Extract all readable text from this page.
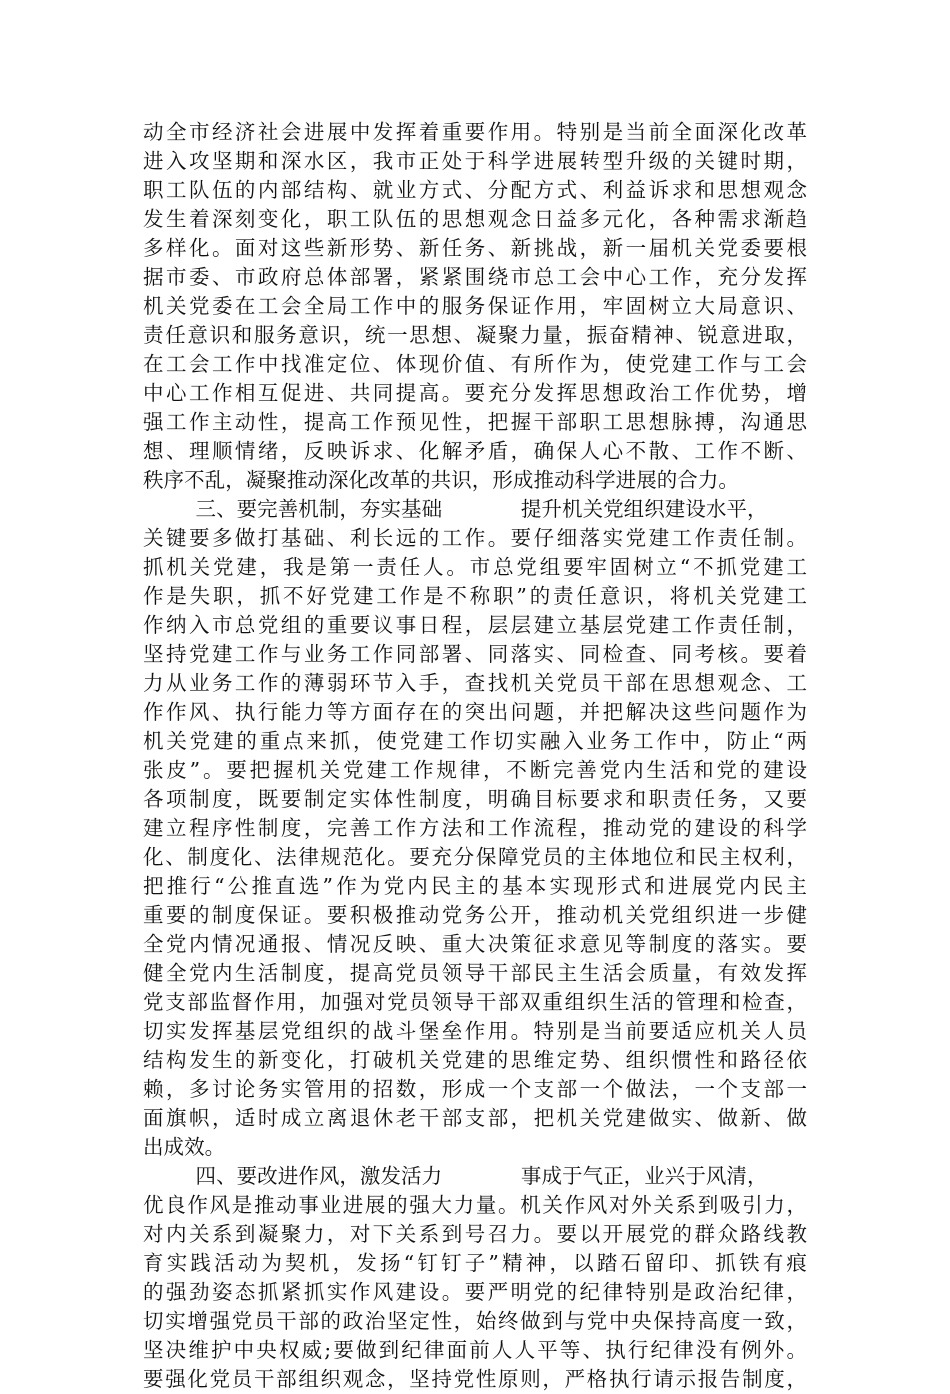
动全市经济社会进展中发挥着重要作用。特别是当前全面深化改革
进入攻坚期和深水区，我市正处于科学进展转型升级的关键时期，
职工队伍的内部结构、就业方式、分配方式、利益诉求和思想观念
发生着深刻变化，职工队伍的思想观念日益多元化，各种需求渐趋
多样化。面对这些新形势、新任务、新挑战，新一届机关党委要根
据市委、市政府总体部署，紧紧围绕市总工会中心工作，充分发挥
机关党委在工会全局工作中的服务保证作用，牢固树立大局意识、
责任意识和服务意识，统一思想、凝聚力量，振奋精神、锐意进取，
在工会工作中找准定位、体现价值、有所作为，使党建工作与工会
中心工作相互促进、共同提高。要充分发挥思想政治工作优势，增
强工作主动性，提高工作预见性，把握干部职工思想脉搏，沟通思
想、理顺情绪，反映诉求、化解矛盾，确保人心不散、工作不断、
秩序不乱，凝聚推动深化改革的共识，形成推动科学进展的合力。
三、要完善机制，夯实基础            提升机关党组织建设水平，
关键要多做打基础、利长远的工作。要仔细落实党建工作责任制。
抓机关党建，我是第一责任人。市总党组要牢固树立“不抓党建工
作是失职，抓不好党建工作是不称职”的责任意识，将机关党建工
作纳入市总党组的重要议事日程，层层建立基层党建工作责任制，
坚持党建工作与业务工作同部署、同落实、同检查、同考核。要着
力从业务工作的薄弱环节入手，查找机关党员干部在思想观念、工
作作风、执行能力等方面存在的突出问题，并把解决这些问题作为
机关党建的重点来抓，使党建工作切实融入业务工作中，防止“两
张皮”。要把握机关党建工作规律，不断完善党内生活和党的建设
各项制度，既要制定实体性制度，明确目标要求和职责任务，又要
建立程序性制度，完善工作方法和工作流程，推动党的建设的科学
化、制度化、法律规范化。要充分保障党员的主体地位和民主权利，
把推行“公推直选”作为党内民主的基本实现形式和进展党内民主
重要的制度保证。要积极推动党务公开，推动机关党组织进一步健
全党内情况通报、情况反映、重大决策征求意见等制度的落实。要
健全党内生活制度，提高党员领导干部民主生活会质量，有效发挥
党支部监督作用，加强对党员领导干部双重组织生活的管理和检查，
切实发挥基层党组织的战斗堡垒作用。特别是当前要适应机关人员
结构发生的新变化，打破机关党建的思维定势、组织惯性和路径依
赖，多讨论务实管用的招数，形成一个支部一个做法，一个支部一
面旗帜，适时成立离退休老干部支部，把机关党建做实、做新、做
出成效。
四、要改进作风，激发活力            事成于气正，业兴于风清，
优良作风是推动事业进展的强大力量。机关作风对外关系到吸引力，
对内关系到凝聚力，对下关系到号召力。要以开展党的群众路线教
育实践活动为契机，发扬“钉钉子”精神，以踏石留印、抓铁有痕
的强劲姿态抓紧抓实作风建设。要严明党的纪律特别是政治纪律，
切实增强党员干部的政治坚定性，始终做到与党中央保持高度一致，
坚决维护中央权威;要做到纪律面前人人平等、执行纪律没有例外。
要强化党员干部组织观念，坚持党性原则，严格执行请示报告制度，
